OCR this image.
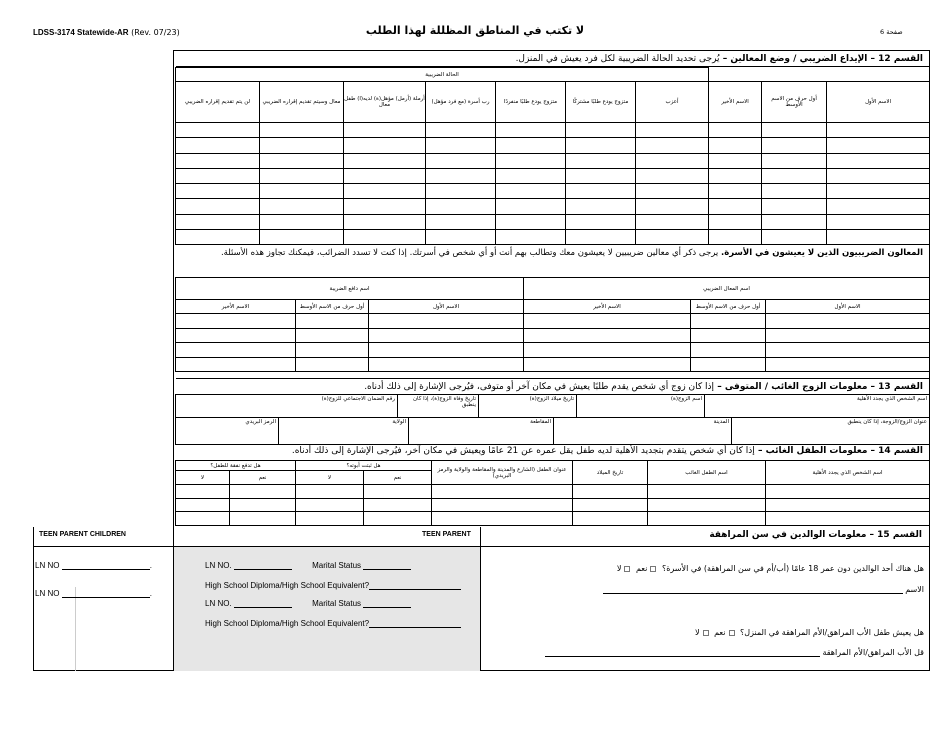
LDSS-3174 Statewide-AR (Rev. 07/23)	لا تكتب في المناطق المظللة لهذا الطلب	صفحة 6
القسم 12 – الإيداع الضريبي / وضع المعالين – يُرجى تحديد الحالة الضريبية لكل فرد يعيش في المنزل.
الحالة الضريبية									
لن يتم تقديم إقراره الضريبي	معال وسيتم تقديم إقراره الضريبي	أرملة (أرمل) مؤهل(ة) لديه(ا) طفل معال	رب أسرة (مع فرد مؤهل)	متزوج يودع طلبًا منفردًا	متزوج يودع طلبًا مشتركًا	أعزب	الاسم الأخير	أول حرف من الاسم الأوسط	الاسم الأول

المعالون الضريبيون الذين لا يعيشون في الأسرة. يرجى ذكر أي معالين ضريبيين لا يعيشون معك وتطالب بهم أنت أو أي شخص في أسرتك. إذا كنت لا تسدد الضرائب، فيمكنك تجاوز هذه الأسئلة.
اسم دافع الضريبة			اسم المعال الضريبي		
الاسم الأخير	أول حرف من الاسم الأوسط	الاسم الأول	الاسم الأخير	أول حرف من الاسم الأوسط	الاسم الأول

القسم 13 – معلومات الزوج الغائب / المتوفى – إذا كان زوج أي شخص يقدم طلبًا يعيش في مكان آخر أو متوفى، فيُرجى الإشارة إلى ذلك أدناه.
رقم الضمان الاجتماعي للزوج(ة)	تاريخ وفاة الزوج(ة)، إذا كان ينطبق	تاريخ ميلاد الزوج(ة)	اسم الزوج(ة)	اسم الشخص الذي يجدد الأهلية
الرمز البريدي	الولاية	المقاطعة	المدينة	عنوان الزوج/الزوجة، إذا كان ينطبق
القسم 14 – معلومات الطفل الغائب – إذا كان أي شخص يتقدم بتجديد الأهلية لديه طفل يقل عمره عن 21 عامًا ويعيش في مكان آخر، فيُرجى الإشارة إلى ذلك أدناه.
هل تدفع نفقة للطفل؟		هل ثبتت أبوته؟		عنوان الطفل (الشارع والمدينة والمقاطعة والولاية والرمز البريدي)	تاريخ الميلاد	اسم الطفل الغائب	اسم الشخص الذي يجدد الأهلية
لا	نعم	لا	نعم				

TEEN PARENT CHILDREN
LN NO	.
LN NO	.
TEEN PARENT
LN NO.	Marital Status
High School Diploma/High School Equivalent?
LN NO.	Marital Status
High School Diploma/High School Equivalent?
القسم 15 – معلومات الوالدين في سن المراهقة
هل هناك أحد الوالدين دون عمر 18 عامًا (أب/أم في سن المراهقة) في الأسرة؟ نعم لا
الاسم
هل يعيش طفل الأب المراهق/الأم المراهقة في المنزل؟ نعم لا
قل الأب المراهق/الأم المراهقة
